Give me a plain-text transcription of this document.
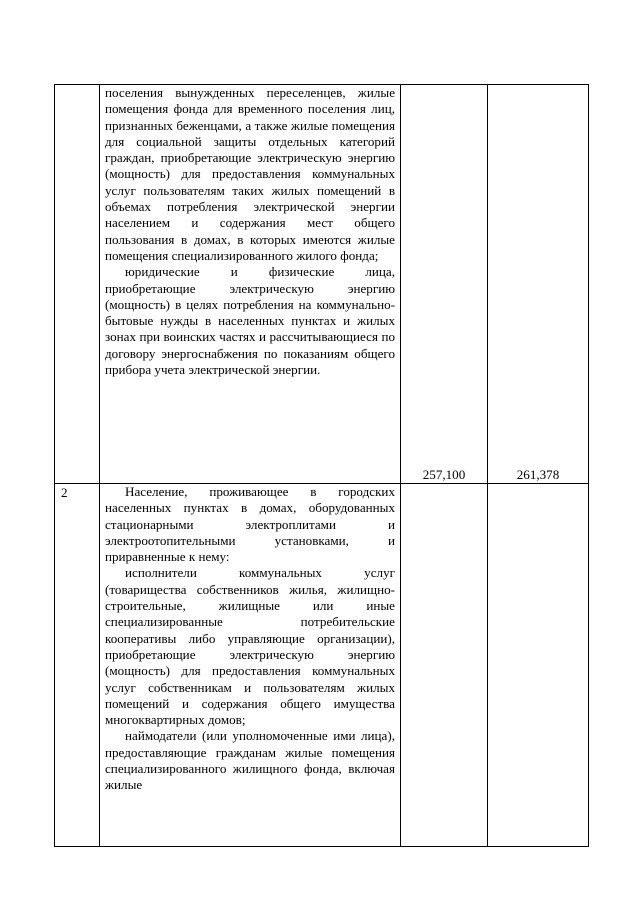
	поселения вынужденных переселенцев, жилые помещения фонда для временного поселения лиц, признанных беженцами, а также жилые помещения для социальной защиты отдельных категорий граждан, приобретающие электрическую энергию (мощность) для предоставления коммунальных услуг пользователям таких жилых помещений в объемах потребления электрической энергии населением и содержания мест общего пользования в домах, в которых имеются жилые помещения специализированного жилого фонда;

юридические и физические лица, приобретающие электрическую энергию (мощность) в целях потребления на коммунально-бытовые нужды в населенных пунктах и жилых зонах при воинских частях и рассчитывающиеся по договору энергоснабжения по показаниям общего прибора учета электрической энергии.	257,100	261,378
2	Население, проживающее в городских населенных пунктах в домах, оборудованных стационарными электроплитами и электроотопительными установками, и приравненные к нему:

исполнители коммунальных услуг (товарищества собственников жилья, жилищно-строительные, жилищные или иные специализированные потребительские кооперативы либо управляющие организации), приобретающие электрическую энергию (мощность) для предоставления коммунальных услуг собственникам и пользователям жилых помещений и содержания общего имущества многоквартирных домов;

наймодатели (или уполномоченные ими лица), предоставляющие гражданам жилые помещения специализированного жилищного фонда, включая жилые		
